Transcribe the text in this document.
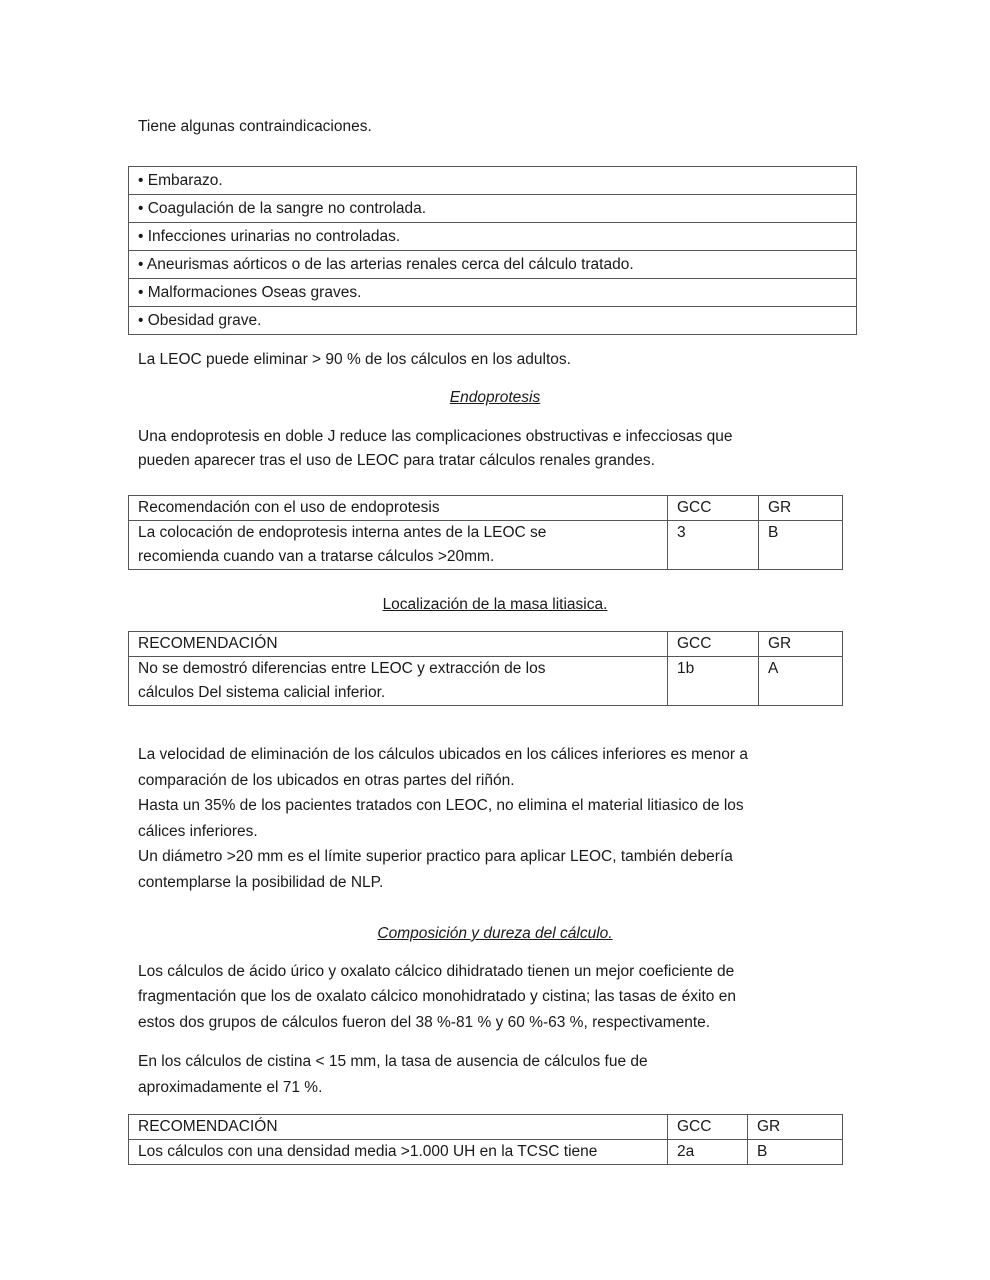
Tiene algunas contraindicaciones.
• Embarazo.
• Coagulación de la sangre no controlada.
• Infecciones urinarias no controladas.
• Aneurismas aórticos o de las arterias renales cerca del cálculo tratado.
• Malformaciones Oseas graves.
• Obesidad grave.
La LEOC puede eliminar > 90 % de los cálculos en los adultos.
Endoprotesis
Una endoprotesis en doble J reduce las complicaciones obstructivas e infecciosas que
pueden aparecer tras el uso de LEOC para tratar cálculos renales grandes.
Recomendación con el uso de endoprotesis	GCC	GR

La colocación de endoprotesis interna antes de la LEOC se
recomienda cuando van a tratarse cálculos >20mm.	3	B
Localización de la masa litiasica.
RECOMENDACIÓN	GCC	GR

No se demostró diferencias entre LEOC y extracción de los
cálculos Del sistema calicial inferior.	1b	A
La velocidad de eliminación de los cálculos ubicados en los cálices inferiores es menor a
comparación de los ubicados en otras partes del riñón.
Hasta un 35% de los pacientes tratados con LEOC, no elimina el material litiasico de los
cálices inferiores.
Un diámetro >20 mm es el límite superior practico para aplicar LEOC, también debería
contemplarse la posibilidad de NLP.
Composición y dureza del cálculo.
Los cálculos de ácido úrico y oxalato cálcico dihidratado tienen un mejor coeficiente de
fragmentación que los de oxalato cálcico monohidratado y cistina; las tasas de éxito en
estos dos grupos de cálculos fueron del 38 %-81 % y 60 %-63 %, respectivamente.
En los cálculos de cistina < 15 mm, la tasa de ausencia de cálculos fue de
aproximadamente el 71 %.
RECOMENDACIÓN	GCC	GR
Los cálculos con una densidad media >1.000 UH en la TCSC tiene	2a	B
